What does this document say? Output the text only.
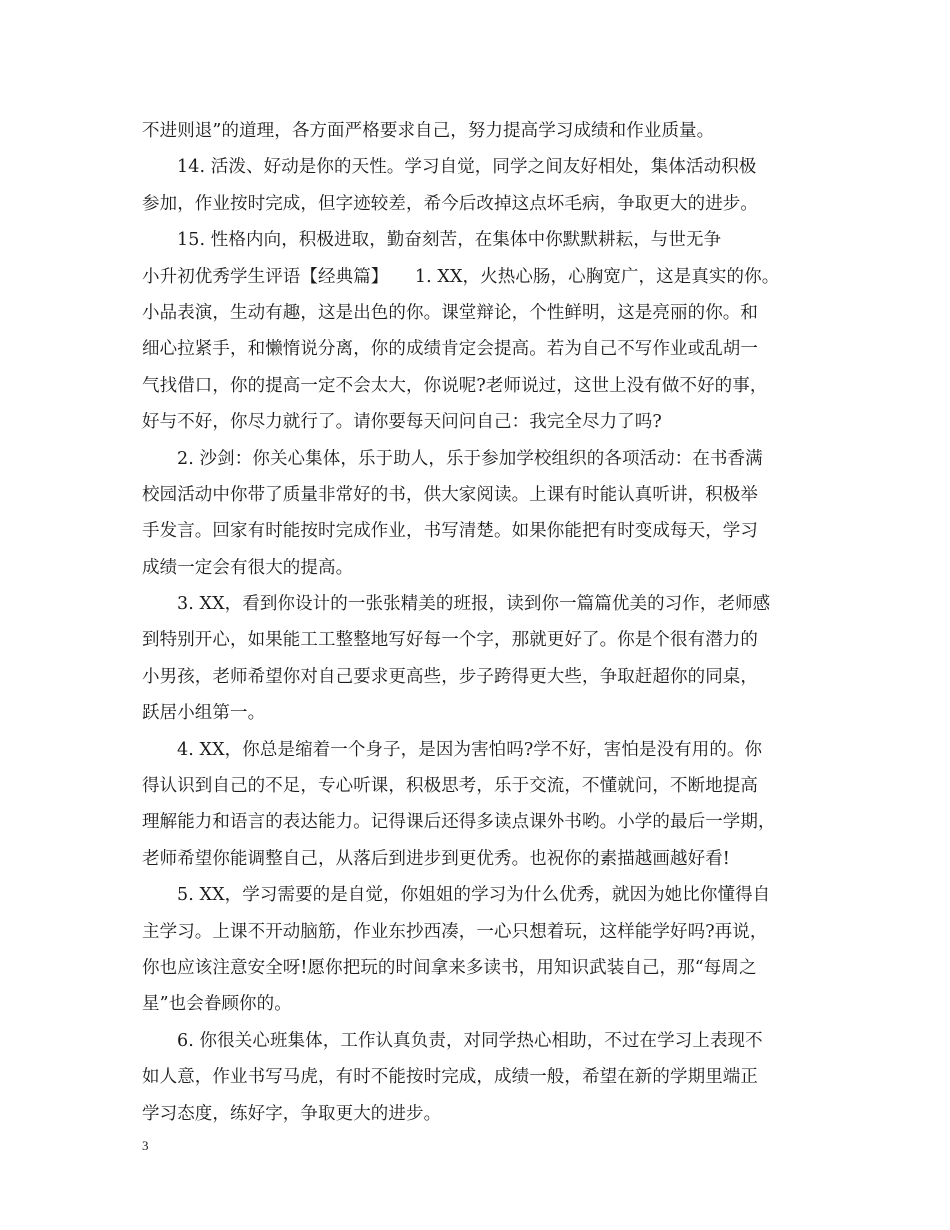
不进则退”的道理，各方面严格要求自己，努力提高学习成绩和作业质量。
14. 活泼、好动是你的天性。学习自觉，同学之间友好相处，集体活动积极
参加，作业按时完成，但字迹较差，希今后改掉这点坏毛病，争取更大的进步。
15. 性格内向，积极进取，勤奋刻苦，在集体中你默默耕耘，与世无争
小升初优秀学生评语【经典篇】　　1. XX，火热心肠，心胸宽广，这是真实的你。
小品表演，生动有趣，这是出色的你。课堂辩论，个性鲜明，这是亮丽的你。和
细心拉紧手，和懒惰说分离，你的成绩肯定会提高。若为自己不写作业或乱胡一
气找借口，你的提高一定不会太大，你说呢?老师说过，这世上没有做不好的事，
好与不好，你尽力就行了。请你要每天问问自己：我完全尽力了吗?
2. 沙剑：你关心集体，乐于助人，乐于参加学校组织的各项活动：在书香满
校园活动中你带了质量非常好的书，供大家阅读。上课有时能认真听讲，积极举
手发言。回家有时能按时完成作业，书写清楚。如果你能把有时变成每天，学习
成绩一定会有很大的提高。
3. XX，看到你设计的一张张精美的班报，读到你一篇篇优美的习作，老师感
到特别开心，如果能工工整整地写好每一个字，那就更好了。你是个很有潜力的
小男孩，老师希望你对自己要求更高些，步子跨得更大些，争取赶超你的同桌，
跃居小组第一。
4. XX，你总是缩着一个身子，是因为害怕吗?学不好，害怕是没有用的。你
得认识到自己的不足，专心听课，积极思考，乐于交流，不懂就问，不断地提高
理解能力和语言的表达能力。记得课后还得多读点课外书哟。小学的最后一学期，
老师希望你能调整自己，从落后到进步到更优秀。也祝你的素描越画越好看!
5. XX，学习需要的是自觉，你姐姐的学习为什么优秀，就因为她比你懂得自
主学习。上课不开动脑筋，作业东抄西凑，一心只想着玩，这样能学好吗?再说，
你也应该注意安全呀!愿你把玩的时间拿来多读书，用知识武装自己，那“每周之
星”也会眷顾你的。
6. 你很关心班集体，工作认真负责，对同学热心相助，不过在学习上表现不
如人意，作业书写马虎，有时不能按时完成，成绩一般，希望在新的学期里端正
学习态度，练好字，争取更大的进步。
3
